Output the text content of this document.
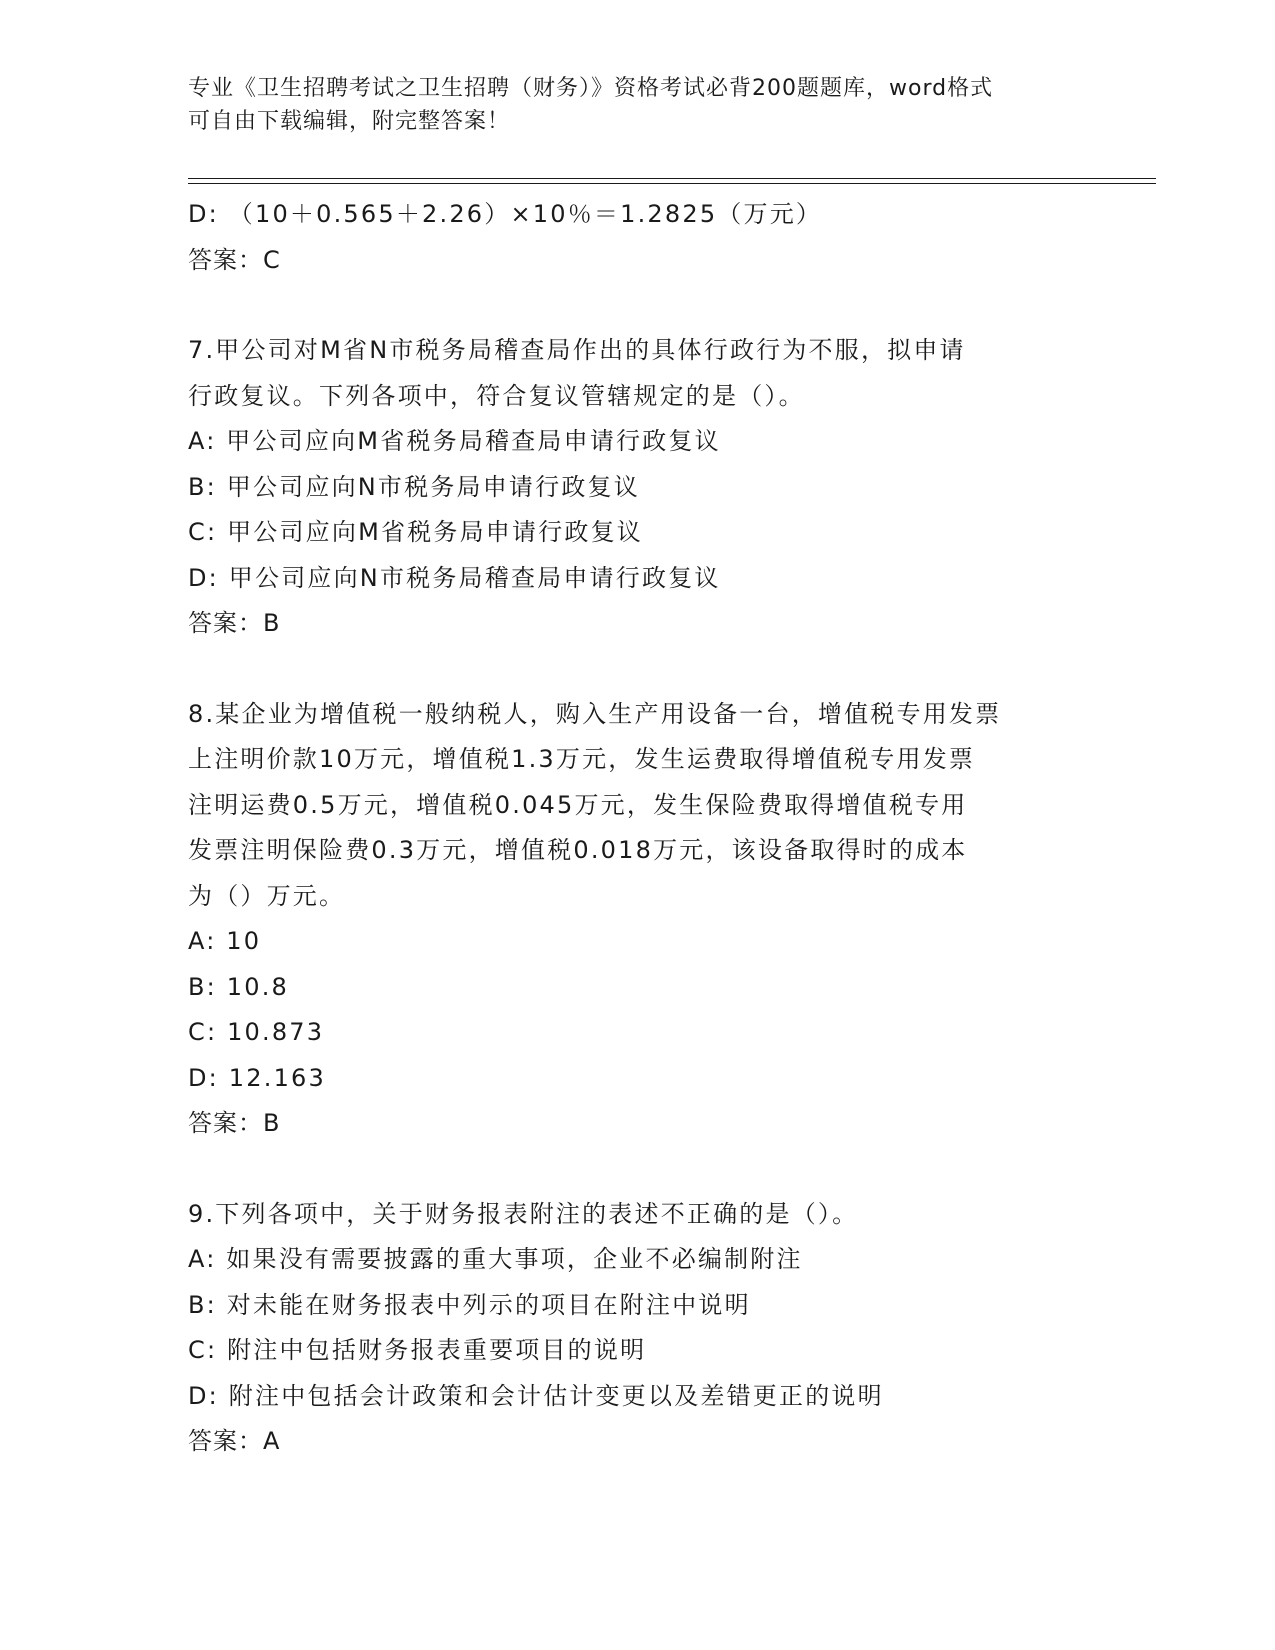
专业《卫生招聘考试之卫生招聘（财务）》资格考试必背200题题库，word格式
可自由下载编辑，附完整答案！
D: （10＋0.565＋2.26）×10％＝1.2825（万元）
答案：C
7.甲公司对M省N市税务局稽查局作出的具体行政行为不服，拟申请
行政复议。下列各项中，符合复议管辖规定的是（）。
A: 甲公司应向M省税务局稽查局申请行政复议
B: 甲公司应向N市税务局申请行政复议
C: 甲公司应向M省税务局申请行政复议
D: 甲公司应向N市税务局稽查局申请行政复议
答案：B
8.某企业为增值税一般纳税人，购入生产用设备一台，增值税专用发票
上注明价款10万元，增值税1.3万元，发生运费取得增值税专用发票
注明运费0.5万元，增值税0.045万元，发生保险费取得增值税专用
发票注明保险费0.3万元，增值税0.018万元，该设备取得时的成本
为（）万元。
A: 10
B: 10.8
C: 10.873
D: 12.163
答案：B
9.下列各项中，关于财务报表附注的表述不正确的是（）。
A: 如果没有需要披露的重大事项，企业不必编制附注
B: 对未能在财务报表中列示的项目在附注中说明
C: 附注中包括财务报表重要项目的说明
D: 附注中包括会计政策和会计估计变更以及差错更正的说明
答案：A
